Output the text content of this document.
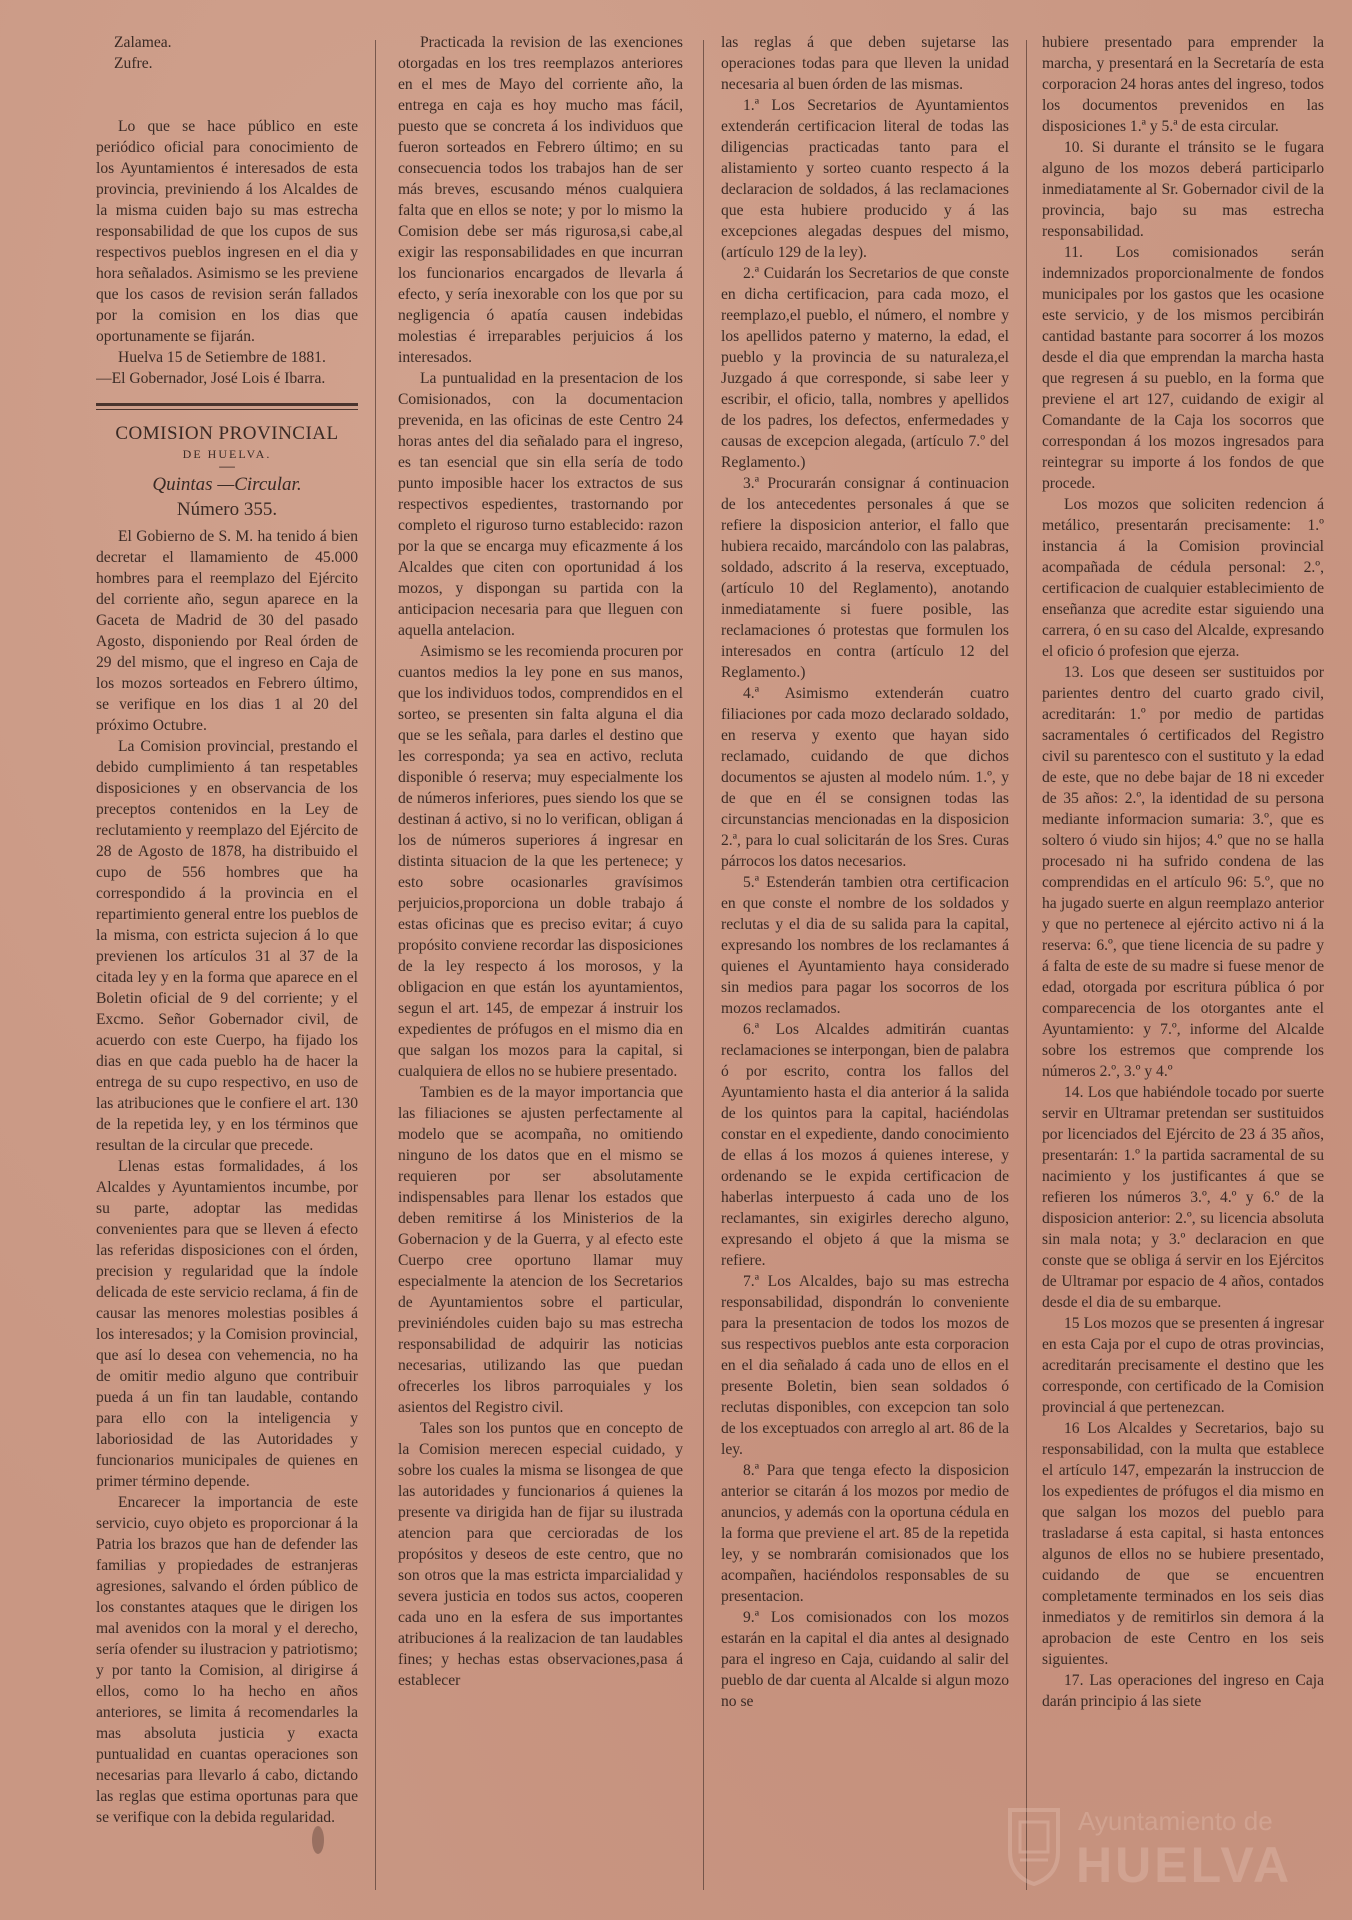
Zalamea.

Zufre.

Lo que se hace público en este periódico oficial para conocimiento de los Ayuntamientos é interesados de esta provincia, previniendo á los Alcaldes de la misma cuiden bajo su mas estrecha responsabilidad de que los cupos de sus respectivos pueblos ingresen en el dia y hora señalados. Asimismo se les previene que los casos de revision serán fallados por la comision en los dias que oportunamente se fijarán.

Huelva 15 de Setiembre de 1881.

—El Gobernador, José Lois é Ibarra.

COMISION PROVINCIAL
DE HUELVA.
—
Quintas —Circular.
Número 355.

El Gobierno de S. M. ha tenido á bien decretar el llamamiento de 45.000 hombres para el reemplazo del Ejército del corriente año, segun aparece en la Gaceta de Madrid de 30 del pasado Agosto, disponiendo por Real órden de 29 del mismo, que el ingreso en Caja de los mozos sorteados en Febrero último, se verifique en los dias 1 al 20 del próximo Octubre.

La Comision provincial, prestando el debido cumplimiento á tan respetables disposiciones y en observancia de los preceptos contenidos en la Ley de reclutamiento y reemplazo del Ejército de 28 de Agosto de 1878, ha distribuido el cupo de 556 hombres que ha correspondido á la provincia en el repartimiento general entre los pueblos de la misma, con estricta sujecion á lo que previenen los artículos 31 al 37 de la citada ley y en la forma que aparece en el Boletin oficial de 9 del corriente; y el Excmo. Señor Gobernador civil, de acuerdo con este Cuerpo, ha fijado los dias en que cada pueblo ha de hacer la entrega de su cupo respectivo, en uso de las atribuciones que le confiere el art. 130 de la repetida ley, y en los términos que resultan de la circular que precede.

Llenas estas formalidades, á los Alcaldes y Ayuntamientos incumbe, por su parte, adoptar las medidas convenientes para que se lleven á efecto las referidas disposiciones con el órden, precision y regularidad que la índole delicada de este servicio reclama, á fin de causar las menores molestias posibles á los interesados; y la Comision provincial, que así lo desea con vehemencia, no ha de omitir medio alguno que contribuir pueda á un fin tan laudable, contando para ello con la inteligencia y laboriosidad de las Autoridades y funcionarios municipales de quienes en primer término depende.

Encarecer la importancia de este servicio, cuyo objeto es proporcionar á la Patria los brazos que han de defender las familias y propiedades de estranjeras agresiones, salvando el órden público de los constantes ataques que le dirigen los mal avenidos con la moral y el derecho, sería ofender su ilustracion y patriotismo; y por tanto la Comision, al dirigirse á ellos, como lo ha hecho en años anteriores, se limita á recomendarles la mas absoluta justicia y exacta puntualidad en cuantas operaciones son necesarias para llevarlo á cabo, dictando las reglas que estima oportunas para que se verifique con la debida regularidad.

Practicada la revision de las exenciones otorgadas en los tres reemplazos anteriores en el mes de Mayo del corriente año, la entrega en caja es hoy mucho mas fácil, puesto que se concreta á los individuos que fueron sorteados en Febrero último; en su consecuencia todos los trabajos han de ser más breves, escusando ménos cualquiera falta que en ellos se note; y por lo mismo la Comision debe ser más rigurosa,si cabe,al exigir las responsabilidades en que incurran los funcionarios encargados de llevarla á efecto, y sería inexorable con los que por su negligencia ó apatía causen indebidas molestias é irreparables perjuicios á los interesados.

La puntualidad en la presentacion de los Comisionados, con la documentacion prevenida, en las oficinas de este Centro 24 horas antes del dia señalado para el ingreso, es tan esencial que sin ella sería de todo punto imposible hacer los extractos de sus respectivos espedientes, trastornando por completo el riguroso turno establecido: razon por la que se encarga muy eficazmente á los Alcaldes que citen con oportunidad á los mozos, y dispongan su partida con la anticipacion necesaria para que lleguen con aquella antelacion.

Asimismo se les recomienda procuren por cuantos medios la ley pone en sus manos, que los individuos todos, comprendidos en el sorteo, se presenten sin falta alguna el dia que se les señala, para darles el destino que les corresponda; ya sea en activo, recluta disponible ó reserva; muy especialmente los de números inferiores, pues siendo los que se destinan á activo, si no lo verifican, obligan á los de números superiores á ingresar en distinta situacion de la que les pertenece; y esto sobre ocasionarles gravísimos perjuicios,proporciona un doble trabajo á estas oficinas que es preciso evitar; á cuyo propósito conviene recordar las disposiciones de la ley respecto á los morosos, y la obligacion en que están los ayuntamientos, segun el art. 145, de empezar á instruir los expedientes de prófugos en el mismo dia en que salgan los mozos para la capital, si cualquiera de ellos no se hubiere presentado.

Tambien es de la mayor importancia que las filiaciones se ajusten perfectamente al modelo que se acompaña, no omitiendo ninguno de los datos que en el mismo se requieren por ser absolutamente indispensables para llenar los estados que deben remitirse á los Ministerios de la Gobernacion y de la Guerra, y al efecto este Cuerpo cree oportuno llamar muy especialmente la atencion de los Secretarios de Ayuntamientos sobre el particular, previniéndoles cuiden bajo su mas estrecha responsabilidad de adquirir las noticias necesarias, utilizando las que puedan ofrecerles los libros parroquiales y los asientos del Registro civil.

Tales son los puntos que en concepto de la Comision merecen especial cuidado, y sobre los cuales la misma se lisongea de que las autoridades y funcionarios á quienes la presente va dirigida han de fijar su ilustrada atencion para que cercioradas de los propósitos y deseos de este centro, que no son otros que la mas estricta imparcialidad y severa justicia en todos sus actos, cooperen cada uno en la esfera de sus importantes atribuciones á la realizacion de tan laudables fines; y hechas estas observaciones,pasa á establecer

las reglas á que deben sujetarse las operaciones todas para que lleven la unidad necesaria al buen órden de las mismas.

1.ª Los Secretarios de Ayuntamientos extenderán certificacion literal de todas las diligencias practicadas tanto para el alistamiento y sorteo cuanto respecto á la declaracion de soldados, á las reclamaciones que esta hubiere producido y á las excepciones alegadas despues del mismo, (artículo 129 de la ley).

2.ª Cuidarán los Secretarios de que conste en dicha certificacion, para cada mozo, el reemplazo,el pueblo, el número, el nombre y los apellidos paterno y materno, la edad, el pueblo y la provincia de su naturaleza,el Juzgado á que corresponde, si sabe leer y escribir, el oficio, talla, nombres y apellidos de los padres, los defectos, enfermedades y causas de excepcion alegada, (artículo 7.º del Reglamento.)

3.ª Procurarán consignar á continuacion de los antecedentes personales á que se refiere la disposicion anterior, el fallo que hubiera recaido, marcándolo con las palabras, soldado, adscrito á la reserva, exceptuado, (artículo 10 del Reglamento), anotando inmediatamente si fuere posible, las reclamaciones ó protestas que formulen los interesados en contra (artículo 12 del Reglamento.)

4.ª Asimismo extenderán cuatro filiaciones por cada mozo declarado soldado, en reserva y exento que hayan sido reclamado, cuidando de que dichos documentos se ajusten al modelo núm. 1.º, y de que en él se consignen todas las circunstancias mencionadas en la disposicion 2.ª, para lo cual solicitarán de los Sres. Curas párrocos los datos necesarios.

5.ª Estenderán tambien otra certificacion en que conste el nombre de los soldados y reclutas y el dia de su salida para la capital, expresando los nombres de los reclamantes á quienes el Ayuntamiento haya considerado sin medios para pagar los socorros de los mozos reclamados.

6.ª Los Alcaldes admitirán cuantas reclamaciones se interpongan, bien de palabra ó por escrito, contra los fallos del Ayuntamiento hasta el dia anterior á la salida de los quintos para la capital, haciéndolas constar en el expediente, dando conocimiento de ellas á los mozos á quienes interese, y ordenando se le expida certificacion de haberlas interpuesto á cada uno de los reclamantes, sin exigirles derecho alguno, expresando el objeto á que la misma se refiere.

7.ª Los Alcaldes, bajo su mas estrecha responsabilidad, dispondrán lo conveniente para la presentacion de todos los mozos de sus respectivos pueblos ante esta corporacion en el dia señalado á cada uno de ellos en el presente Boletin, bien sean soldados ó reclutas disponibles, con excepcion tan solo de los exceptuados con arreglo al art. 86 de la ley.

8.ª Para que tenga efecto la disposicion anterior se citarán á los mozos por medio de anuncios, y además con la oportuna cédula en la forma que previene el art. 85 de la repetida ley, y se nombrarán comisionados que los acompañen, haciéndolos responsables de su presentacion.

9.ª Los comisionados con los mozos estarán en la capital el dia antes al designado para el ingreso en Caja, cuidando al salir del pueblo de dar cuenta al Alcalde si algun mozo no se

hubiere presentado para emprender la marcha, y presentará en la Secretaría de esta corporacion 24 horas antes del ingreso, todos los documentos prevenidos en las disposiciones 1.ª y 5.ª de esta circular.

10. Si durante el tránsito se le fugara alguno de los mozos deberá participarlo inmediatamente al Sr. Gobernador civil de la provincia, bajo su mas estrecha responsabilidad.

11. Los comisionados serán indemnizados proporcionalmente de fondos municipales por los gastos que les ocasione este servicio, y de los mismos percibirán cantidad bastante para socorrer á los mozos desde el dia que emprendan la marcha hasta que regresen á su pueblo, en la forma que previene el art 127, cuidando de exigir al Comandante de la Caja los socorros que correspondan á los mozos ingresados para reintegrar su importe á los fondos de que procede.

Los mozos que soliciten redencion á metálico, presentarán precisamente: 1.º instancia á la Comision provincial acompañada de cédula personal: 2.º, certificacion de cualquier establecimiento de enseñanza que acredite estar siguiendo una carrera, ó en su caso del Alcalde, expresando el oficio ó profesion que ejerza.

13. Los que deseen ser sustituidos por parientes dentro del cuarto grado civil, acreditarán: 1.º por medio de partidas sacramentales ó certificados del Registro civil su parentesco con el sustituto y la edad de este, que no debe bajar de 18 ni exceder de 35 años: 2.º, la identidad de su persona mediante informacion sumaria: 3.º, que es soltero ó viudo sin hijos; 4.º que no se halla procesado ni ha sufrido condena de las comprendidas en el artículo 96: 5.º, que no ha jugado suerte en algun reemplazo anterior y que no pertenece al ejército activo ni á la reserva: 6.º, que tiene licencia de su padre y á falta de este de su madre si fuese menor de edad, otorgada por escritura pública ó por comparecencia de los otorgantes ante el Ayuntamiento: y 7.º, informe del Alcalde sobre los estremos que comprende los números 2.º, 3.º y 4.º

14. Los que habiéndole tocado por suerte servir en Ultramar pretendan ser sustituidos por licenciados del Ejército de 23 á 35 años, presentarán: 1.º la partida sacramental de su nacimiento y los justificantes á que se refieren los números 3.º, 4.º y 6.º de la disposicion anterior: 2.º, su licencia absoluta sin mala nota; y 3.º declaracion en que conste que se obliga á servir en los Ejércitos de Ultramar por espacio de 4 años, contados desde el dia de su embarque.

15 Los mozos que se presenten á ingresar en esta Caja por el cupo de otras provincias, acreditarán precisamente el destino que les corresponde, con certificado de la Comision provincial á que pertenezcan.

16 Los Alcaldes y Secretarios, bajo su responsabilidad, con la multa que establece el artículo 147, empezarán la instruccion de los expedientes de prófugos el dia mismo en que salgan los mozos del pueblo para trasladarse á esta capital, si hasta entonces algunos de ellos no se hubiere presentado, cuidando de que se encuentren completamente terminados en los seis dias inmediatos y de remitirlos sin demora á la aprobacion de este Centro en los seis siguientes.

17. Las operaciones del ingreso en Caja darán principio á las siete

Ayuntamiento de
HUELVA
